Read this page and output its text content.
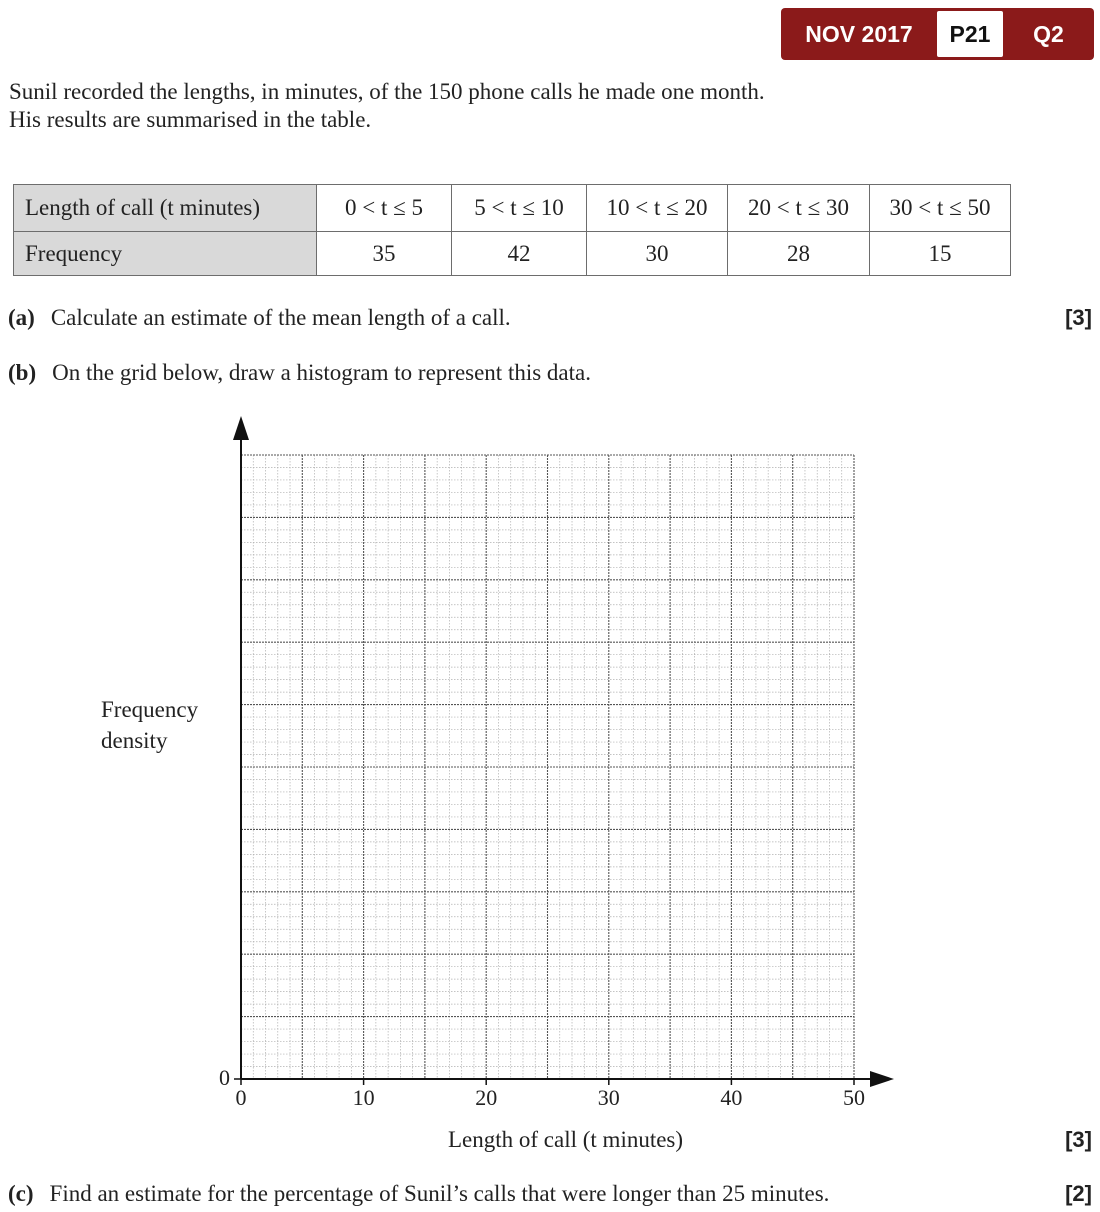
NOV 2017	P21	Q2
Sunil recorded the lengths, in minutes, of the 150 phone calls he made one month.
His results are summarised in the table.
Length of call (t minutes)	0 < t ≤ 5	5 < t ≤ 10	10 < t ≤ 20	20 < t ≤ 30	30 < t ≤ 50
Frequency	35	42	30	28	15
(a) Calculate an estimate of the mean length of a call.	[3]
(b) On the grid below, draw a histogram to represent this data.
0	10	20	30	40	50
0
Frequency
density
Length of call (t minutes)	[3]
(c) Find an estimate for the percentage of Sunil’s calls that were longer than 25 minutes.	[2]
